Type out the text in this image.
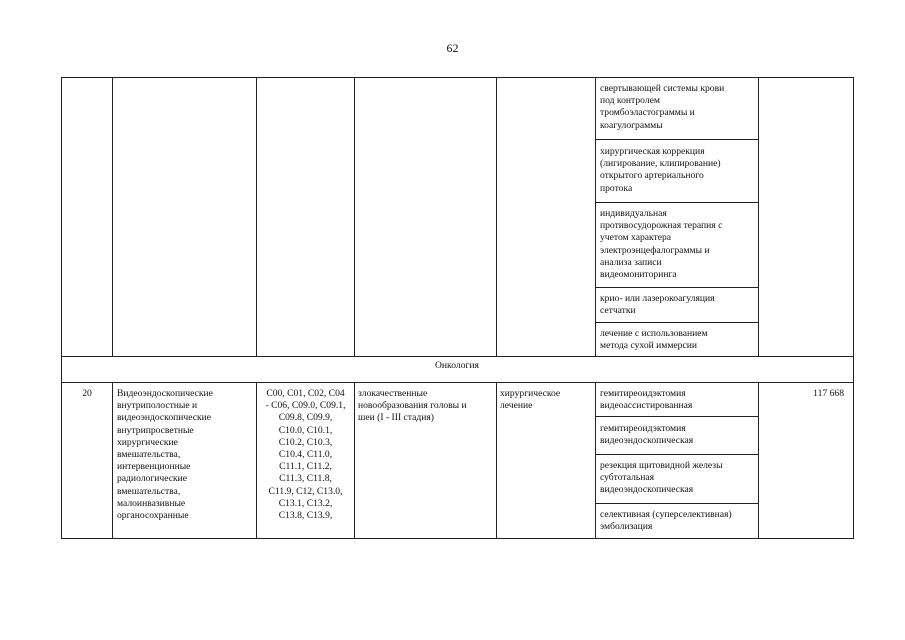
62
свертывающей системы крови
под контролем
тромбоэластограммы и
коагулограммы
хирургическая коррекция
(лигирование, клипирование)
открытого артериального
протока
индивидуальная
противосудорожная терапия с
учетом характера
электроэнцефалограммы и
анализа записи
видеомониторинга
крио- или лазерокоагуляция
сетчатки
лечение с использованием
метода сухой иммерсии
Онкология
20	Видеоэндоскопические
внутриполостные и
видеоэндоскопические
внутрипросветные
хирургические
вмешательства,
интервенционные
радиологические
вмешательства,
малоинвазивные
органосохранные
C00, C01, C02, C04
- C06, C09.0, C09.1,
C09.8, C09.9,
C10.0, C10.1,
C10.2, C10.3,
C10.4, C11.0,
C11.1, C11.2,
C11.3, C11.8,
C11.9, C12, C13.0,
C13.1, C13.2,
C13.8, C13.9,
злокачественные
новообразования головы и
шеи (I - III стадия)
хирургическое
лечение
гемитиреоидэктомия
видеоассистированная
гемитиреоидэктомия
видеоэндоскопическая
резекция щитовидной железы
субтотальная
видеоэндоскопическая
селективная (суперселективная)
эмболизация
117 668
